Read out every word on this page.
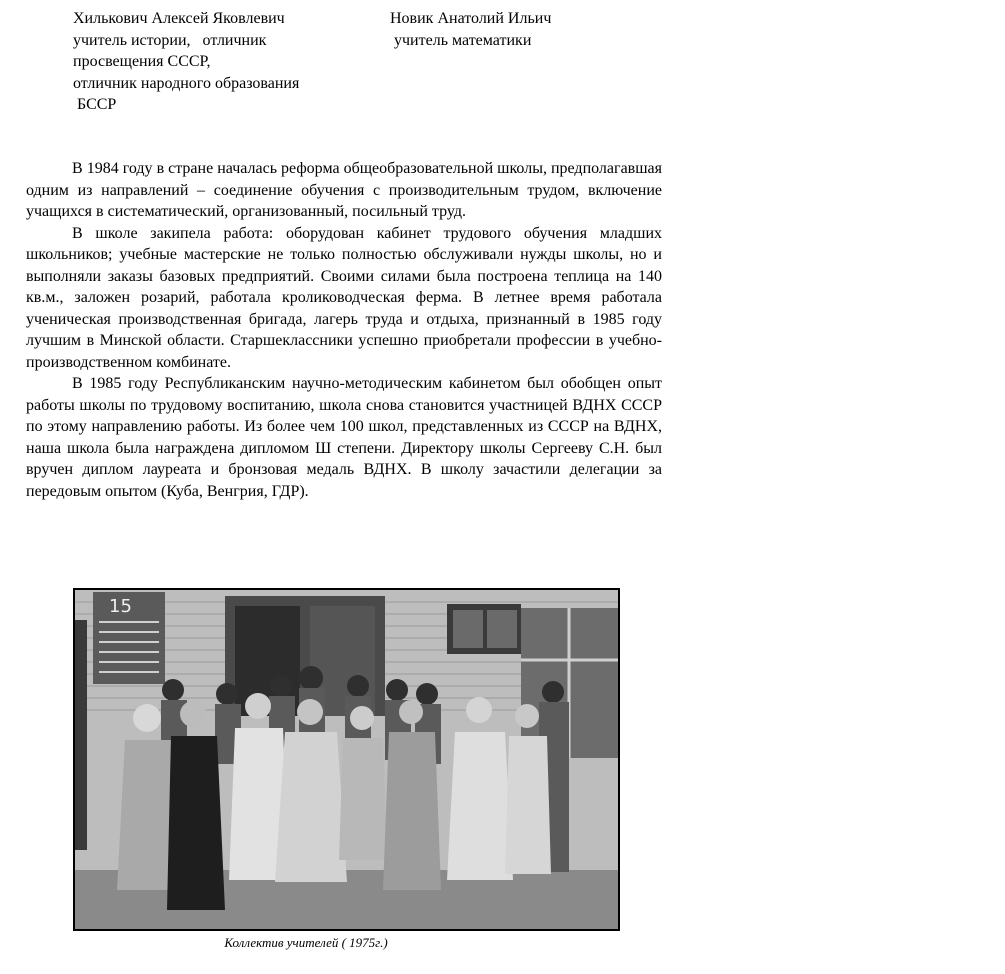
Хилькович Алексей Яковлевич
учитель истории,   отличник
просвещения СССР,
отличник народного образования
БССР
Новик Анатолий Ильич
учитель математики

В 1984 году в стране началась реформа общеобразовательной школы, предполагавшая одним из направлений – соединение обучения с производительным трудом, включение учащихся в систематический, организованный, посильный труд.

В школе закипела работа: оборудован кабинет трудового обучения младших школьников; учебные мастерские не только полностью обслуживали нужды школы, но и выполняли заказы базовых предприятий. Своими силами была построена теплица на 140 кв.м., заложен розарий, работала кролиководческая ферма. В летнее время работала ученическая производственная бригада, лагерь труда и отдыха, признанный в 1985 году лучшим в Минской области. Старшеклассники успешно приобретали профессии в учебно-производственном комбинате.

В 1985 году Республиканским научно-методическим кабинетом был обобщен опыт работы школы по трудовому воспитанию, школа снова становится участницей ВДНХ СССР по этому направлению работы. Из более чем 100 школ, представленных из СССР на ВДНХ, наша школа была награждена дипломом Ш степени. Директору школы Сергееву С.Н. был вручен диплом лауреата и бронзовая медаль ВДНХ. В школу зачастили делегации за передовым опытом (Куба, Венгрия, ГДР).

15
Коллектив учителей ( 1975г.)
